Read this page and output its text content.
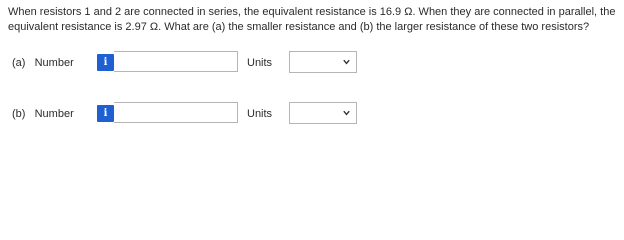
When resistors 1 and 2 are connected in series, the equivalent resistance is 16.9 Ω. When they are connected in parallel, the equivalent resistance is 2.97 Ω. What are (a) the smaller resistance and (b) the larger resistance of these two resistors?

(a)   Number	i	Units
(b)   Number	i	Units
